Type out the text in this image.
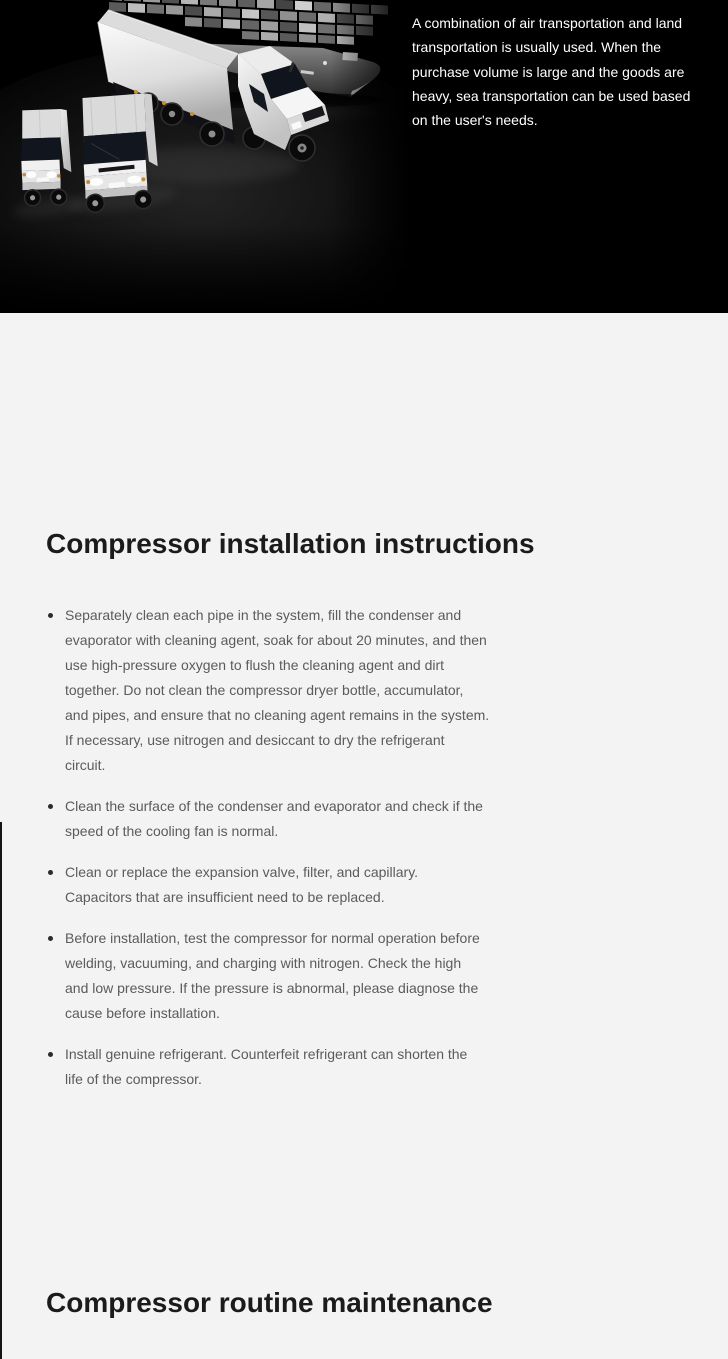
A combination of air transportation and land
transportation is usually used. When the
purchase volume is large and the goods are
heavy, sea transportation can be used based
on the user's needs.

Compressor installation instructions
Separately clean each pipe in the system, fill the condenser and
evaporator with cleaning agent, soak for about 20 minutes, and then
use high-pressure oxygen to flush the cleaning agent and dirt
together. Do not clean the compressor dryer bottle, accumulator,
and pipes, and ensure that no cleaning agent remains in the system.
If necessary, use nitrogen and desiccant to dry the refrigerant
circuit.
Clean the surface of the condenser and evaporator and check if the
speed of the cooling fan is normal.
Clean or replace the expansion valve, filter, and capillary.
Capacitors that are insufficient need to be replaced.
Before installation, test the compressor for normal operation before
welding, vacuuming, and charging with nitrogen. Check the high
and low pressure. If the pressure is abnormal, please diagnose the
cause before installation.
Install genuine refrigerant. Counterfeit refrigerant can shorten the
life of the compressor.
Compressor routine maintenance
